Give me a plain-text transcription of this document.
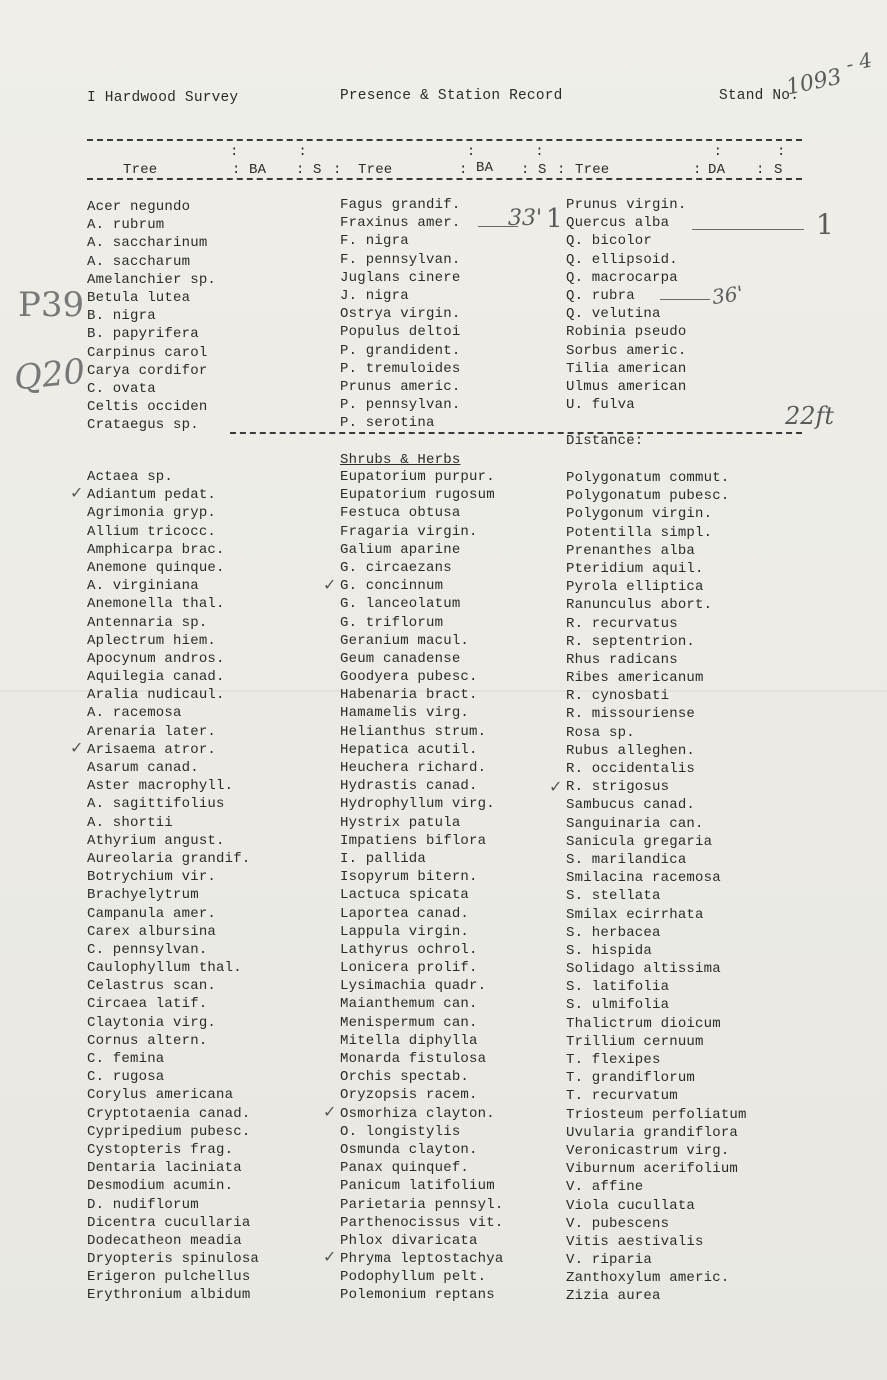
I Hardwood Survey	Presence & Station Record	Stand No.
1093
- 4
:	:	:	:	:	:
Tree	: BA : S : Tree	: BA : S : Tree	: DA : S
Acer negundo
A. rubrum
A. saccharinum
A. saccharum
Amelanchier sp.
Betula lutea
B. nigra
B. papyrifera
Carpinus carol
Carya cordifor
C. ovata
Celtis occiden
Crataegus sp.
Fagus grandif.
Fraxinus amer.
F. nigra
F. pennsylvan.
Juglans cinere
J. nigra
Ostrya virgin.
Populus deltoi
P. grandident.
P. tremuloides
Prunus americ.
P. pennsylvan.
P. serotina
Prunus virgin.
Quercus alba
Q. bicolor
Q. ellipsoid.
Q. macrocarpa
Q. rubra
Q. velutina
Robinia pseudo
Sorbus americ.
Tilia american
Ulmus american
U. fulva
33' 1	1
36'
P39
Q20
22ft
Distance:
Shrubs & Herbs
Actaea sp.
Adiantum pedat.
Agrimonia gryp.
Allium tricocc.
Amphicarpa brac.
Anemone quinque.
A. virginiana
Anemonella thal.
Antennaria sp.
Aplectrum hiem.
Apocynum andros.
Aquilegia canad.
Aralia nudicaul.
A. racemosa
Arenaria later.
Arisaema atror.
Asarum canad.
Aster macrophyll.
A. sagittifolius
A. shortii
Athyrium angust.
Aureolaria grandif.
Botrychium vir.
Brachyelytrum
Campanula amer.
Carex albursina
C. pennsylvan.
Caulophyllum thal.
Celastrus scan.
Circaea latif.
Claytonia virg.
Cornus altern.
C. femina
C. rugosa
Corylus americana
Cryptotaenia canad.
Cypripedium pubesc.
Cystopteris frag.
Dentaria laciniata
Desmodium acumin.
D. nudiflorum
Dicentra cucullaria
Dodecatheon meadia
Dryopteris spinulosa
Erigeron pulchellus
Erythronium albidum
Eupatorium purpur.
Eupatorium rugosum
Festuca obtusa
Fragaria virgin.
Galium aparine
G. circaezans
G. concinnum
G. lanceolatum
G. triflorum
Geranium macul.
Geum canadense
Goodyera pubesc.
Habenaria bract.
Hamamelis virg.
Helianthus strum.
Hepatica acutil.
Heuchera richard.
Hydrastis canad.
Hydrophyllum virg.
Hystrix patula
Impatiens biflora
I. pallida
Isopyrum bitern.
Lactuca spicata
Laportea canad.
Lappula virgin.
Lathyrus ochrol.
Lonicera prolif.
Lysimachia quadr.
Maianthemum can.
Menispermum can.
Mitella diphylla
Monarda fistulosa
Orchis spectab.
Oryzopsis racem.
Osmorhiza clayton.
O. longistylis
Osmunda clayton.
Panax quinquef.
Panicum latifolium
Parietaria pennsyl.
Parthenocissus vit.
Phlox divaricata
Phryma leptostachya
Podophyllum pelt.
Polemonium reptans
Polygonatum commut.
Polygonatum pubesc.
Polygonum virgin.
Potentilla simpl.
Prenanthes alba
Pteridium aquil.
Pyrola elliptica
Ranunculus abort.
R. recurvatus
R. septentrion.
Rhus radicans
Ribes americanum
R. cynosbati
R. missouriense
Rosa sp.
Rubus alleghen.
R. occidentalis
R. strigosus
Sambucus canad.
Sanguinaria can.
Sanicula gregaria
S. marilandica
Smilacina racemosa
S. stellata
Smilax ecirrhata
S. herbacea
S. hispida
Solidago altissima
S. latifolia
S. ulmifolia
Thalictrum dioicum
Trillium cernuum
T. flexipes
T. grandiflorum
T. recurvatum
Triosteum perfoliatum
Uvularia grandiflora
Veronicastrum virg.
Viburnum acerifolium
V. affine
Viola cucullata
V. pubescens
Vitis aestivalis
V. riparia
Zanthoxylum americ.
Zizia aurea
✓
✓
✓
✓
✓
✓
